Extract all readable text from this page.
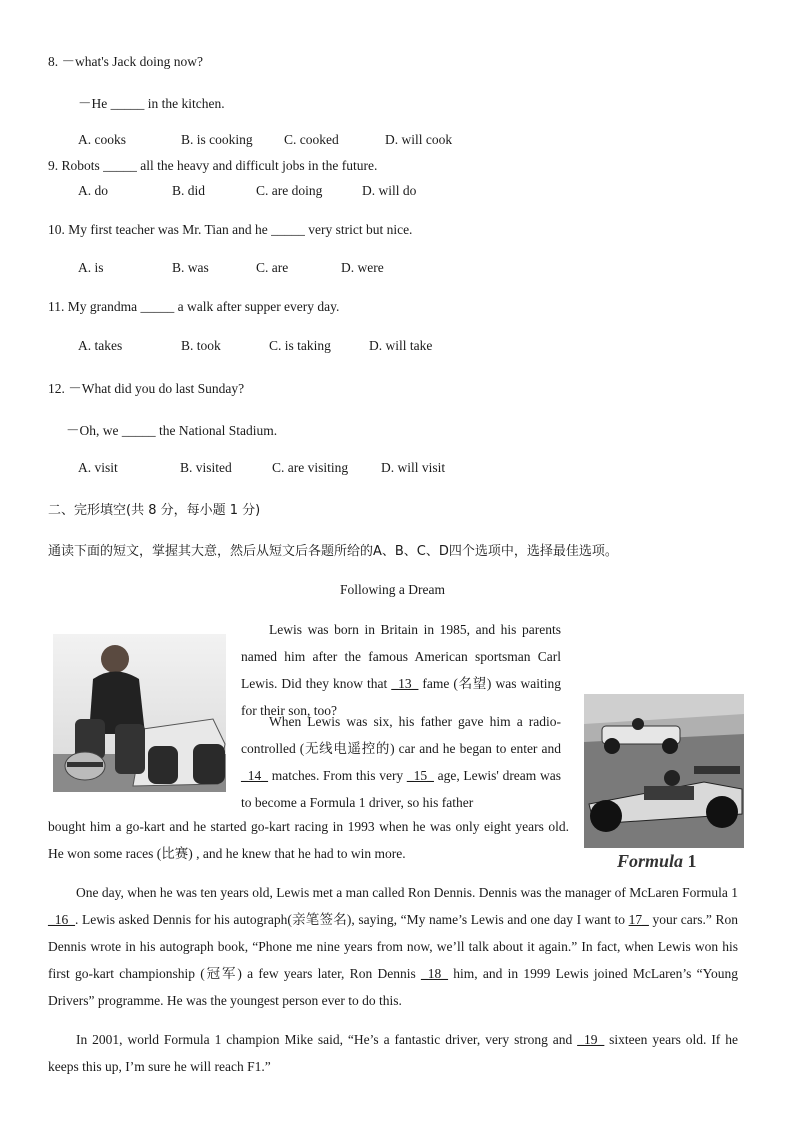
8. －what's Jack doing now?
－He _____ in the kitchen.
A. cooks	B. is cooking C. cooked	D. will cook
9. Robots _____ all the heavy and difficult jobs in the future.
A. do	B. did	C. are doing	D. will do
10. My first teacher was Mr. Tian and he _____ very strict but nice.
A. is	B. was	C. are	D. were
11. My grandma _____ a walk after supper every day.
A. takes	B. took	C. is taking	D. will take
12. －What did you do last Sunday?
－Oh, we _____ the National Stadium.
A. visit	B. visited	C. are visiting D. will visit
二、完形填空(共 8 分，每小题 1 分)
通读下面的短文，掌握其大意，然后从短文后各题所给的A、B、C、D四个选项中，选择最佳选项。
Following a Dream
Formula 1
Lewis was born in Britain in 1985, and his parents named him after the famous American sportsman Carl Lewis. Did they know that _13_ fame (名望) was waiting for their son, too?
When Lewis was six, his father gave him a radio-controlled (无线电遥控的) car and he began to enter and _14_ matches. From this very _15_ age, Lewis' dream was to become a Formula 1 driver, so his father
bought him a go-kart and he started go-kart racing in 1993 when he was only eight years old. He won some races (比赛) , and he knew that he had to win more.
One day, when he was ten years old, Lewis met a man called Ron Dennis. Dennis was the manager of McLaren Formula 1 _16_. Lewis asked Dennis for his autograph(亲笔签名), saying, “My name’s Lewis and one day I want to 17_ your cars.” Ron Dennis wrote in his autograph book, “Phone me nine years from now, we’ll talk about it again.” In fact, when Lewis won his first go-kart championship (冠军) a few years later, Ron Dennis _18_ him, and in 1999 Lewis joined McLaren’s “Young Drivers” programme. He was the youngest person ever to do this.
In 2001, world Formula 1 champion Mike said, “He’s a fantastic driver, very strong and _19_ sixteen years old. If he keeps this up, I’m sure he will reach F1.”
